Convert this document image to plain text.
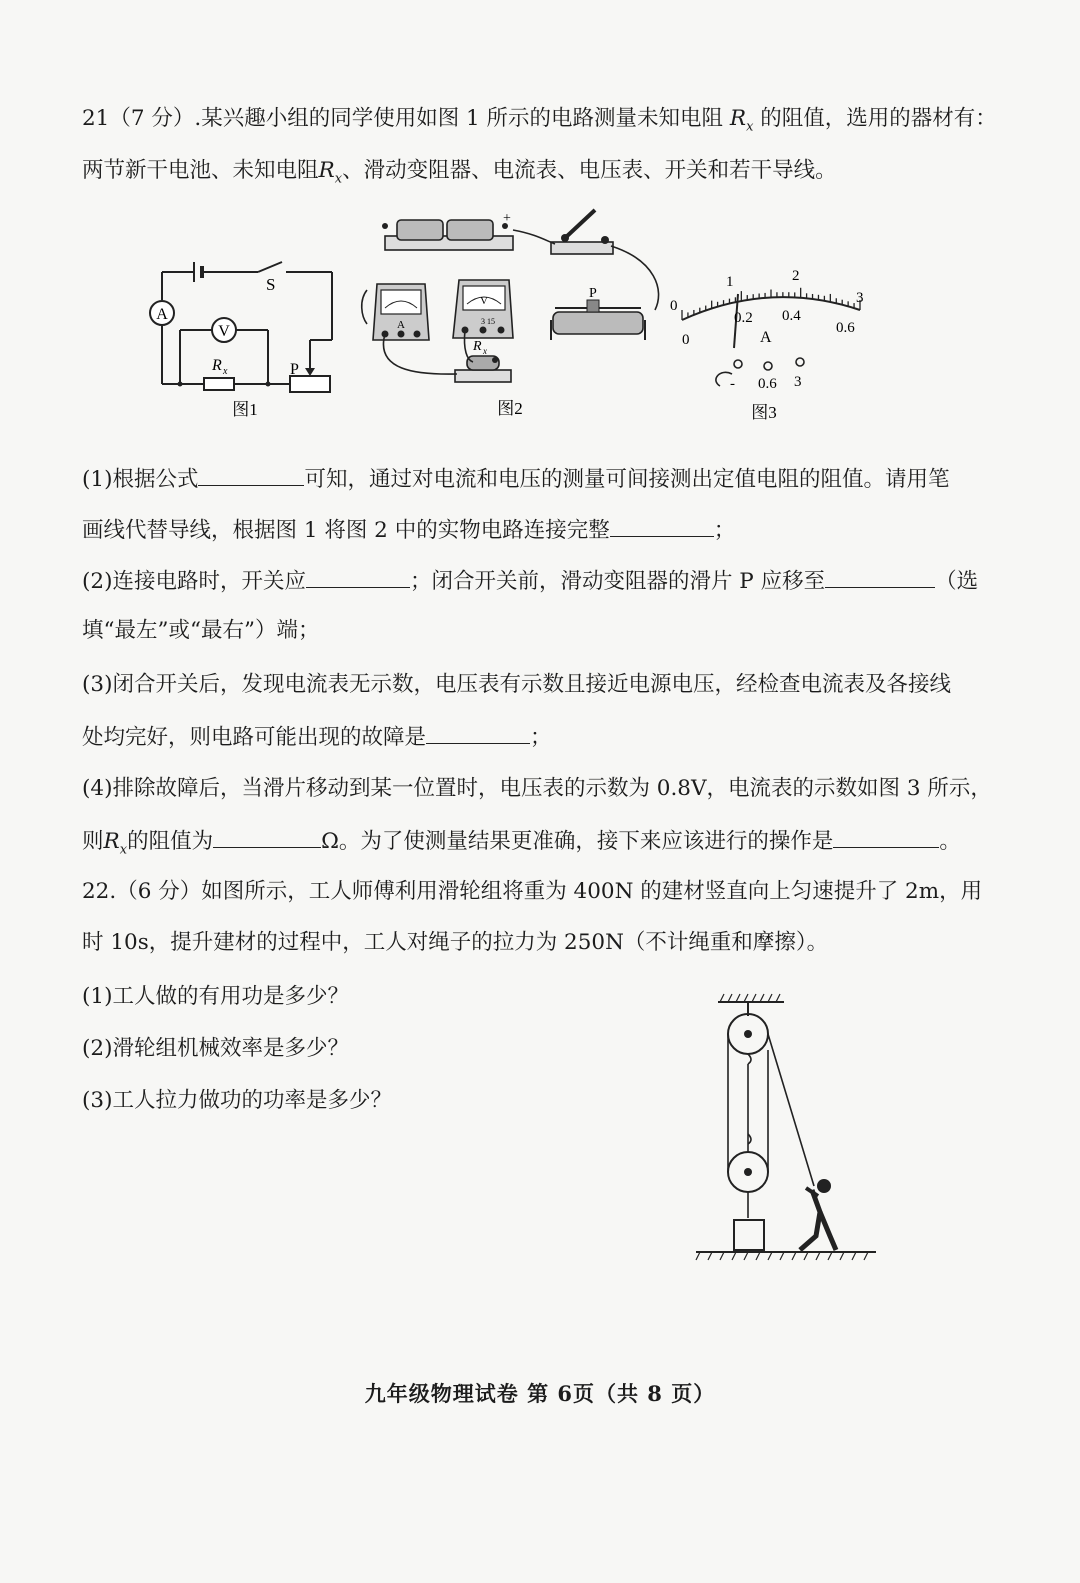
21（7 分）.某兴趣小组的同学使用如图 1 所示的电路测量未知电阻 $R_x$ 的阻值，选用的器材有：
两节新干电池、未知电阻$R_x$、滑动变阻器、电流表、电压表、开关和若干导线。
A
V
S
R x	P
图1
+
A
V
3 15
P
R x
图2
0
1	2
3
0
0.2 0.4
0.6
A
- 0.6 3
图3
(1)根据公式	可知，通过对电流和电压的测量可间接测出定值电阻的阻值。请用笔
画线代替导线，根据图 1 将图 2 中的实物电路连接完整	；
(2)连接电路时，开关应	；闭合开关前，滑动变阻器的滑片 P 应移至	（选
填“最左”或“最右”）端；
(3)闭合开关后，发现电流表无示数，电压表有示数且接近电源电压，经检查电流表及各接线
处均完好，则电路可能出现的故障是	；
(4)排除故障后，当滑片移动到某一位置时，电压表的示数为 0.8V，电流表的示数如图 3 所示，
则$R_x$的阻值为	Ω。为了使测量结果更准确，接下来应该进行的操作是	。
22.（6 分）如图所示，工人师傅利用滑轮组将重为 400N 的建材竖直向上匀速提升了 2m，用
时 10s，提升建材的过程中，工人对绳子的拉力为 250N（不计绳重和摩擦）。
(1)工人做的有用功是多少？
(2)滑轮组机械效率是多少？
(3)工人拉力做功的功率是多少？
九年级物理试卷 第 6页（共 8 页）
